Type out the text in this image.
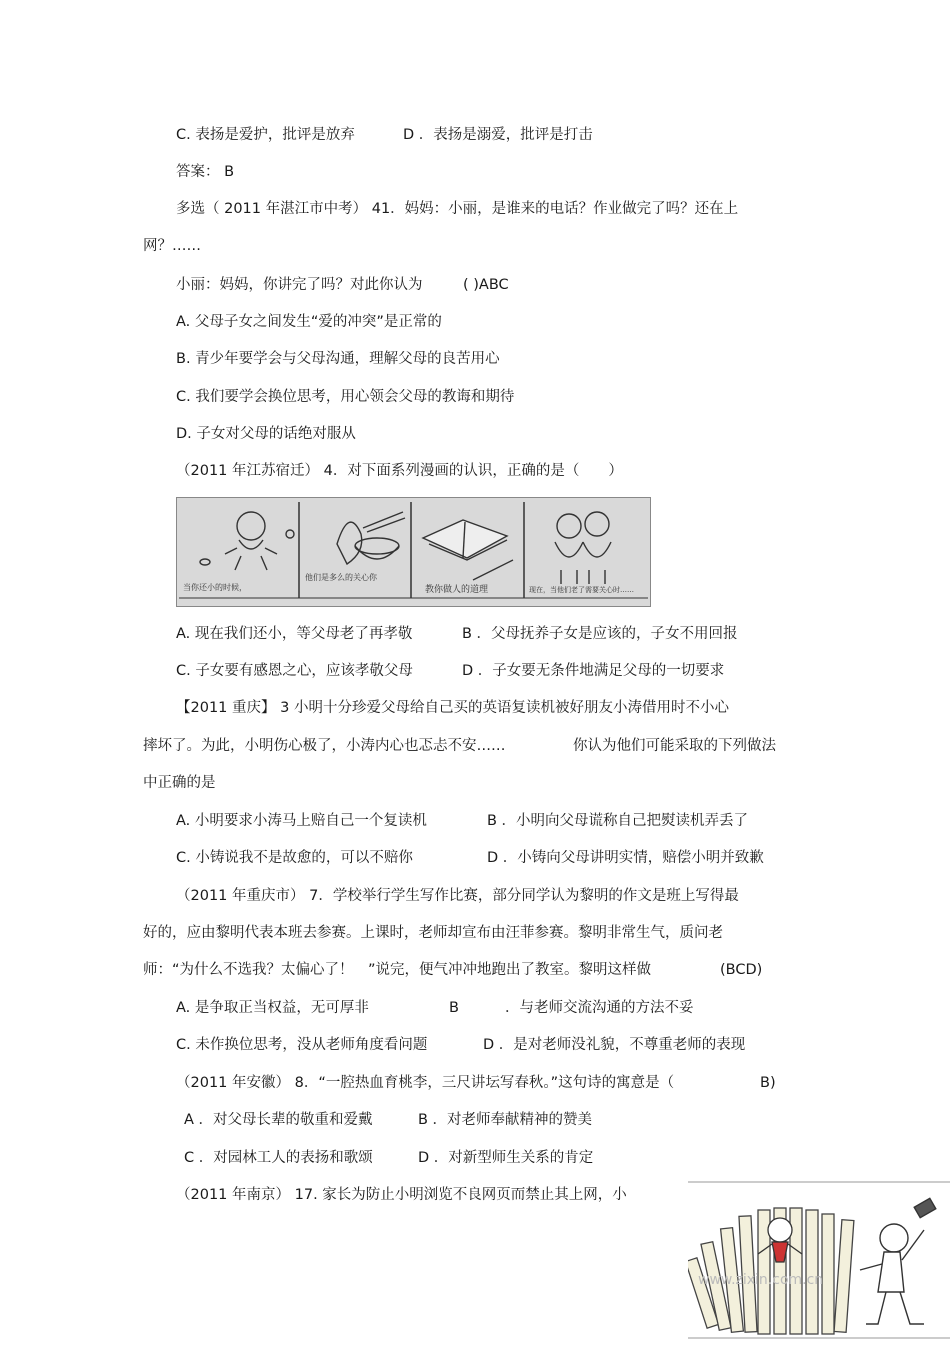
C. 表扬是爱护，批评是放弃	D ．表扬是溺爱，批评是打击
答案： B
多选（ 2011 年湛江市中考） 41．妈妈：小丽，是谁来的电话？作业做完了吗？还在上
网？……
小丽：妈妈，你讲完了吗？对此你认为	( )ABC
A. 父母子女之间发生“爱的冲突”是正常的
B. 青少年要学会与父母沟通，理解父母的良苦用心
C. 我们要学会换位思考，用心领会父母的教诲和期待
D. 子女对父母的话绝对服从
（2011 年江苏宿迁） 4．对下面系列漫画的认识，正确的是（　　）
当你还小的时候，
他们是多么的关心你
教你做人的道理	现在，当他们老了需要关心时……
A. 现在我们还小，等父母老了再孝敬	B ．父母抚养子女是应该的，子女不用回报
C. 子女要有感恩之心，应该孝敬父母	D ．子女要无条件地满足父母的一切要求
【2011 重庆】 3 小明十分珍爱父母给自己买的英语复读机被好朋友小涛借用时不小心
摔坏了。为此，小明伤心极了，小涛内心也忑忐不安……	你认为他们可能采取的下列做法
中正确的是
A. 小明要求小涛马上赔自己一个复读机	B ．小明向父母谎称自己把熨读机弄丢了
C. 小铸说我不是故愈的，可以不赔你	D ．小铸向父母讲明实情，赔偿小明并致歉
（2011 年重庆市） 7．学校举行学生写作比赛，部分同学认为黎明的作文是班上写得最
好的，应由黎明代表本班去参赛。上课时，老师却宣布由汪菲参赛。黎明非常生气，质问老
师：“为什么不选我？太偏心了！　”说完，便气冲冲地跑出了教室。黎明这样做	(BCD)
A. 是争取正当权益，无可厚非	B	．与老师交流沟通的方法不妥
C. 未作换位思考，没从老师角度看问题	D ．是对老师没礼貌，不尊重老师的表现
（2011 年安徽） 8．“一腔热血育桃李，三尺讲坛写春秋。”这句诗的寓意是（	B)
A ．对父母长辈的敬重和爱戴	B ．对老师奉献精神的赞美
C ．对园林工人的表扬和歌颂	D ．对新型师生关系的肯定
（2011 年南京） 17. 家长为防止小明浏览不良网页而禁止其上网，小
www.zixin.com.cn
